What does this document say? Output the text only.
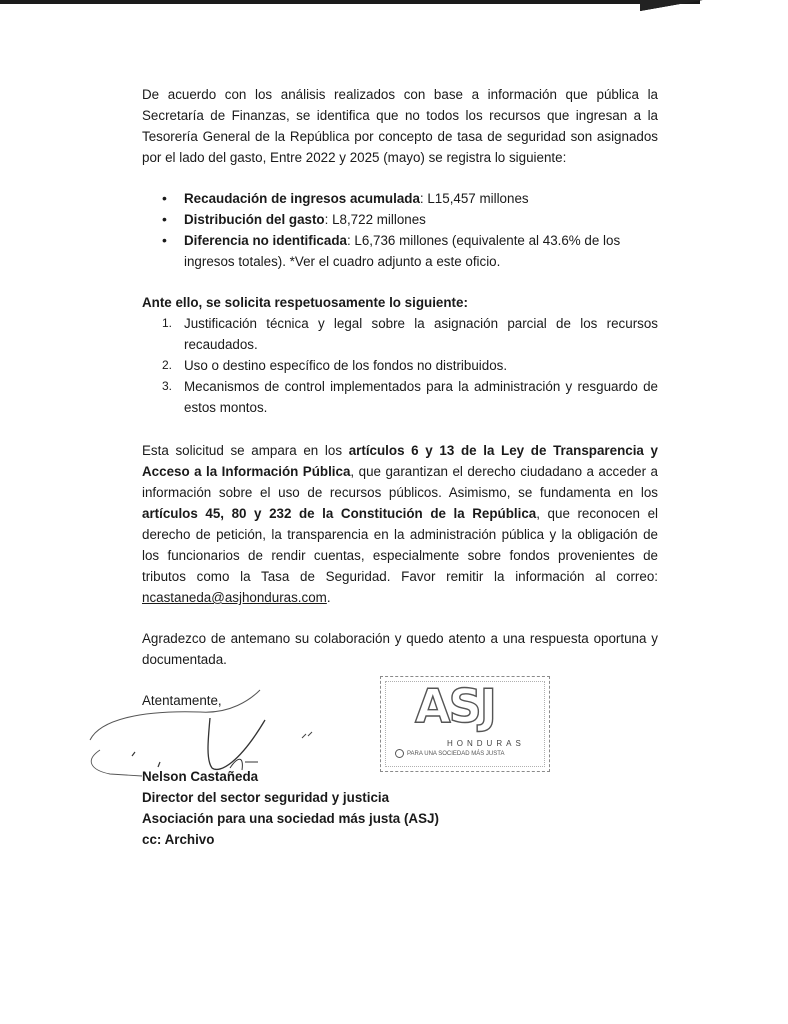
De acuerdo con los análisis realizados con base a información que pública la Secretaría de Finanzas, se identifica que no todos los recursos que ingresan a la Tesorería General de la República por concepto de tasa de seguridad son asignados por el lado del gasto, Entre 2022 y 2025 (mayo) se registra lo siguiente:

• Recaudación de ingresos acumulada: L15,457 millones
• Distribución del gasto: L8,722 millones
• Diferencia no identificada: L6,736 millones (equivalente al 43.6% de los ingresos totales). *Ver el cuadro adjunto a este oficio.

Ante ello, se solicita respetuosamente lo siguiente:

1. Justificación técnica y legal sobre la asignación parcial de los recursos recaudados.
2. Uso o destino específico de los fondos no distribuidos.
3. Mecanismos de control implementados para la administración y resguardo de estos montos.

Esta solicitud se ampara en los artículos 6 y 13 de la Ley de Transparencia y Acceso a la Información Pública, que garantizan el derecho ciudadano a acceder a información sobre el uso de recursos públicos. Asimismo, se fundamenta en los artículos 45, 80 y 232 de la Constitución de la República, que reconocen el derecho de petición, la transparencia en la administración pública y la obligación de los funcionarios de rendir cuentas, especialmente sobre fondos provenientes de tributos como la Tasa de Seguridad. Favor remitir la información al correo: ncastaneda@asjhonduras.com.

Agradezco de antemano su colaboración y quedo atento a una respuesta oportuna y documentada.

Atentamente,	ASJ
HONDURAS
PARA UNA SOCIEDAD MÁS JUSTA
Nelson Castañeda
Director del sector seguridad y justicia
Asociación para una sociedad más justa (ASJ)
cc: Archivo
